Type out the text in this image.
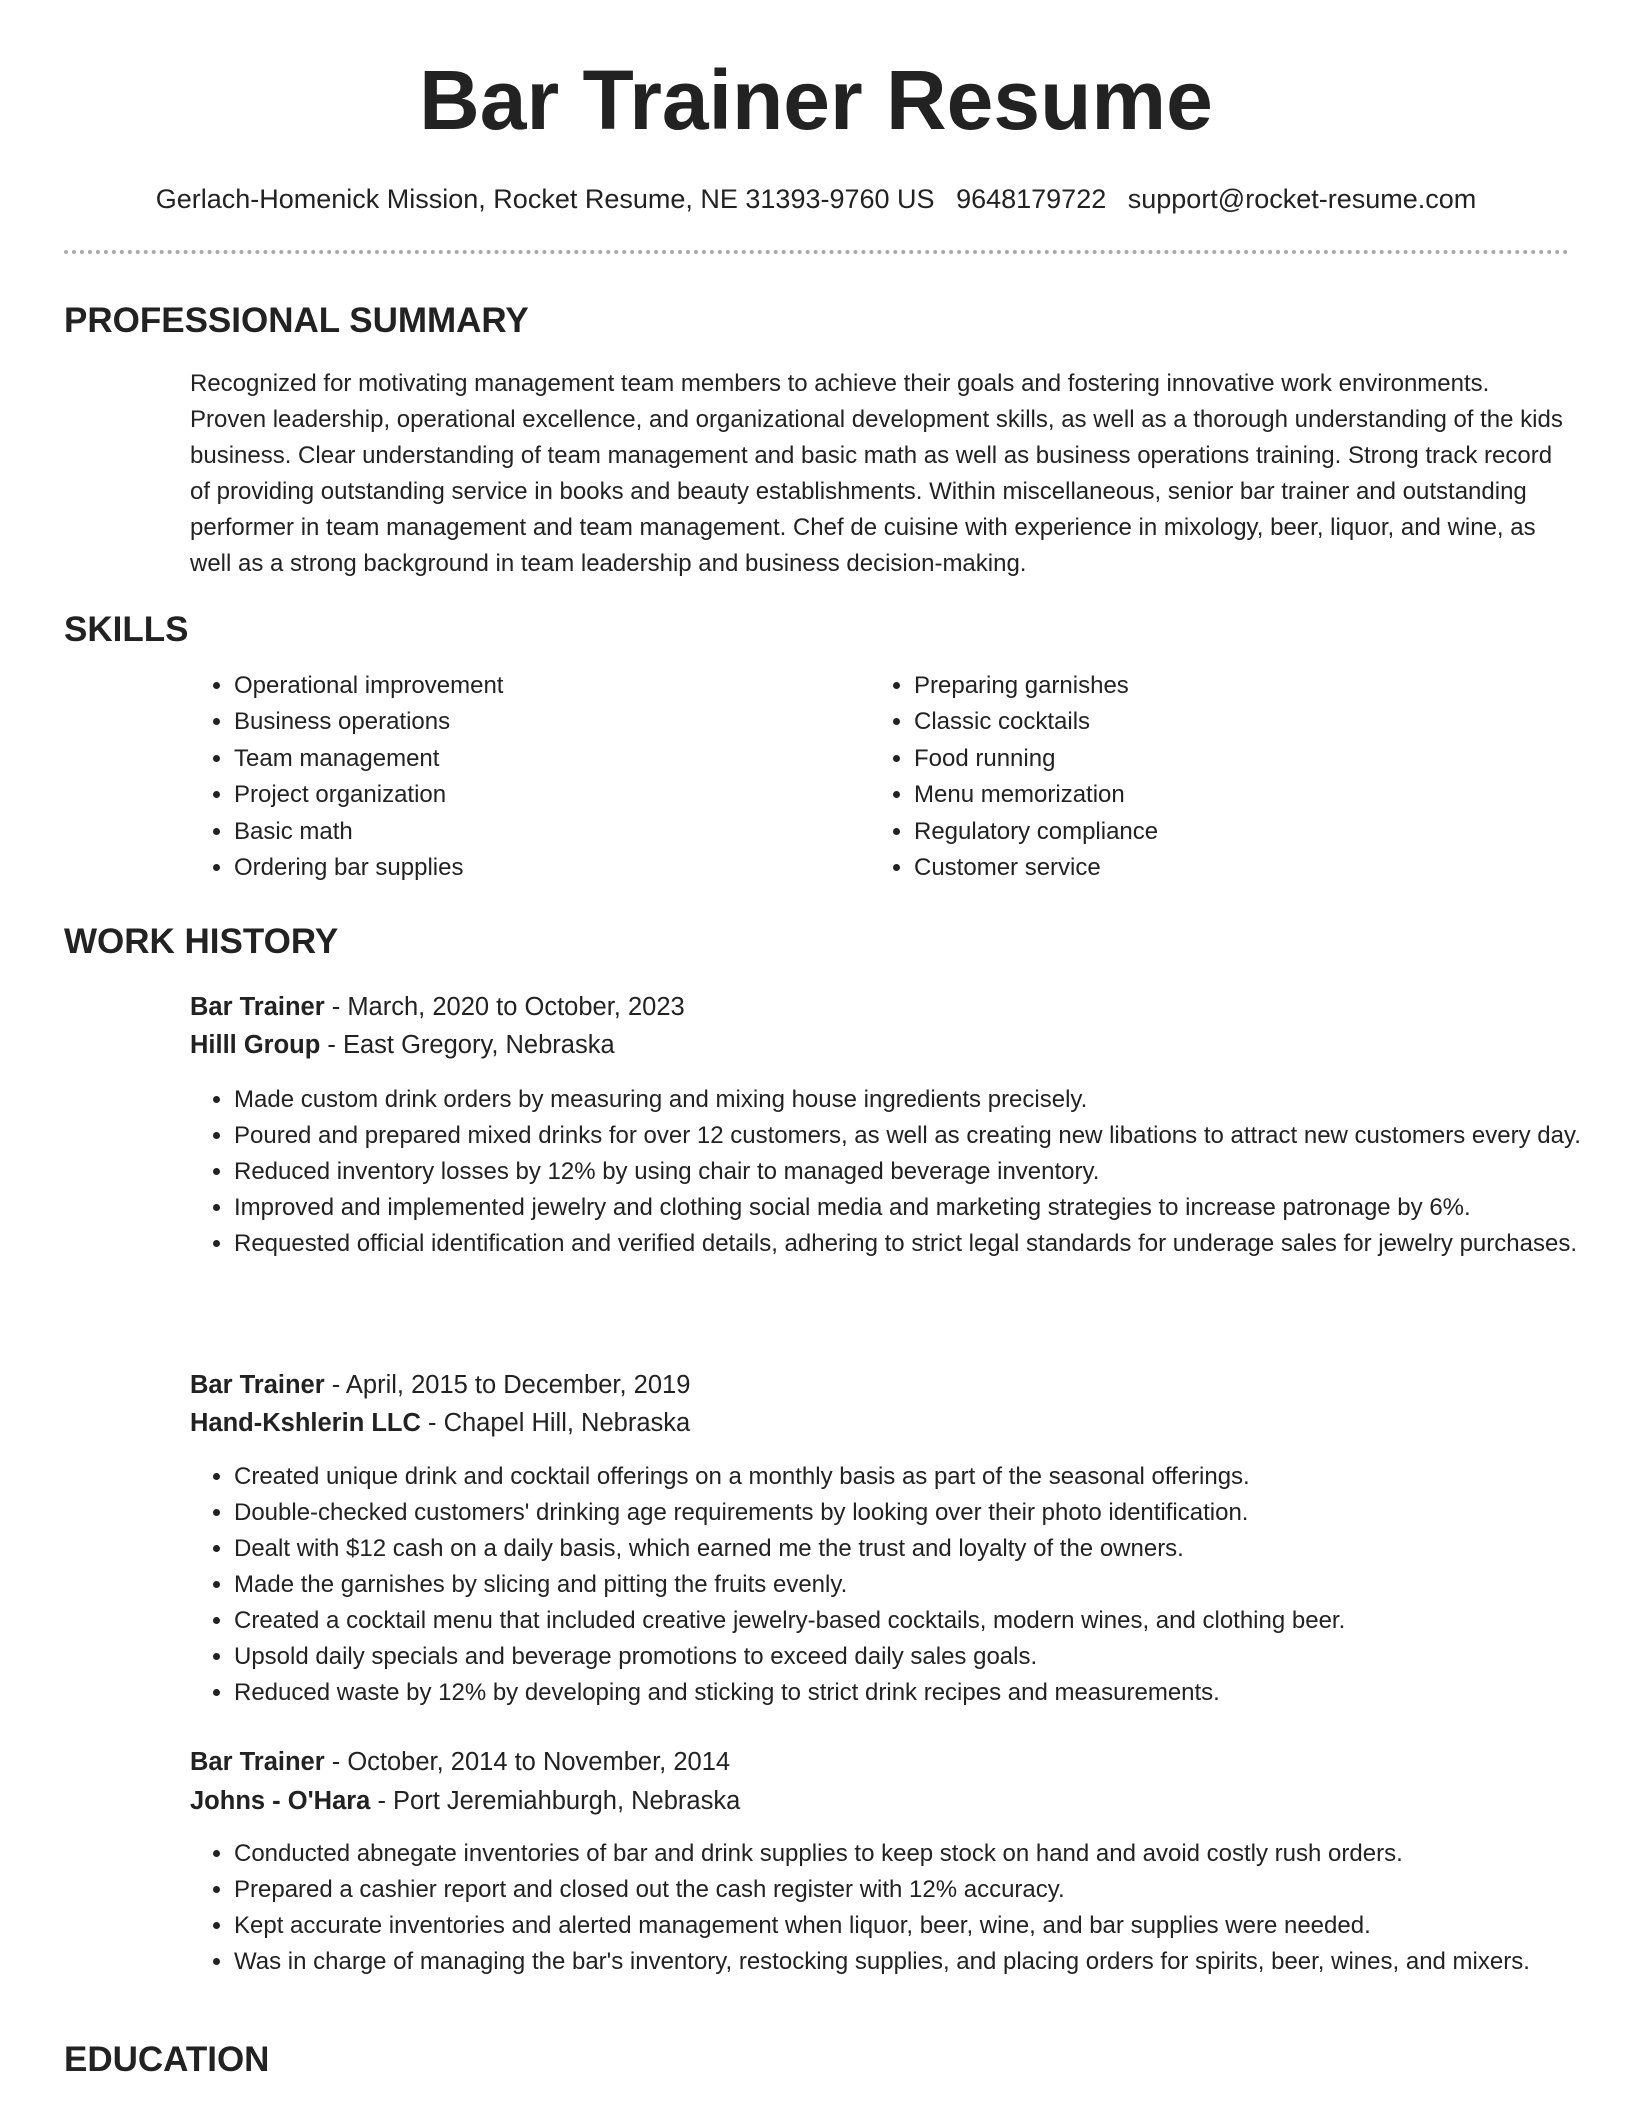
Bar Trainer Resume
Gerlach-Homenick Mission, Rocket Resume, NE 31393-9760 US 9648179722 support@rocket-resume.com
PROFESSIONAL SUMMARY

Recognized for motivating management team members to achieve their goals and fostering innovative work environments. Proven leadership, operational excellence, and organizational development skills, as well as a thorough understanding of the kids business. Clear understanding of team management and basic math as well as business operations training. Strong track record of providing outstanding service in books and beauty establishments. Within miscellaneous, senior bar trainer and outstanding performer in team management and team management. Chef de cuisine with experience in mixology, beer, liquor, and wine, as well as a strong background in team leadership and business decision-making.

SKILLS
• Operational improvement
• Business operations
• Team management
• Project organization
• Basic math
• Ordering bar supplies
• Preparing garnishes
• Classic cocktails
• Food running
• Menu memorization
• Regulatory compliance
• Customer service
WORK HISTORY
Bar Trainer - March, 2020 to October, 2023
Hilll Group - East Gregory, Nebraska
• Made custom drink orders by measuring and mixing house ingredients precisely.
• Poured and prepared mixed drinks for over 12 customers, as well as creating new libations to attract new customers every day.
• Reduced inventory losses by 12% by using chair to managed beverage inventory.
• Improved and implemented jewelry and clothing social media and marketing strategies to increase patronage by 6%.
• Requested official identification and verified details, adhering to strict legal standards for underage sales for jewelry purchases.
Bar Trainer - April, 2015 to December, 2019
Hand-Kshlerin LLC - Chapel Hill, Nebraska
• Created unique drink and cocktail offerings on a monthly basis as part of the seasonal offerings.
• Double-checked customers' drinking age requirements by looking over their photo identification.
• Dealt with $12 cash on a daily basis, which earned me the trust and loyalty of the owners.
• Made the garnishes by slicing and pitting the fruits evenly.
• Created a cocktail menu that included creative jewelry-based cocktails, modern wines, and clothing beer.
• Upsold daily specials and beverage promotions to exceed daily sales goals.
• Reduced waste by 12% by developing and sticking to strict drink recipes and measurements.
Bar Trainer - October, 2014 to November, 2014
Johns - O'Hara - Port Jeremiahburgh, Nebraska
• Conducted abnegate inventories of bar and drink supplies to keep stock on hand and avoid costly rush orders.
• Prepared a cashier report and closed out the cash register with 12% accuracy.
• Kept accurate inventories and alerted management when liquor, beer, wine, and bar supplies were needed.
• Was in charge of managing the bar's inventory, restocking supplies, and placing orders for spirits, beer, wines, and mixers.
EDUCATION
